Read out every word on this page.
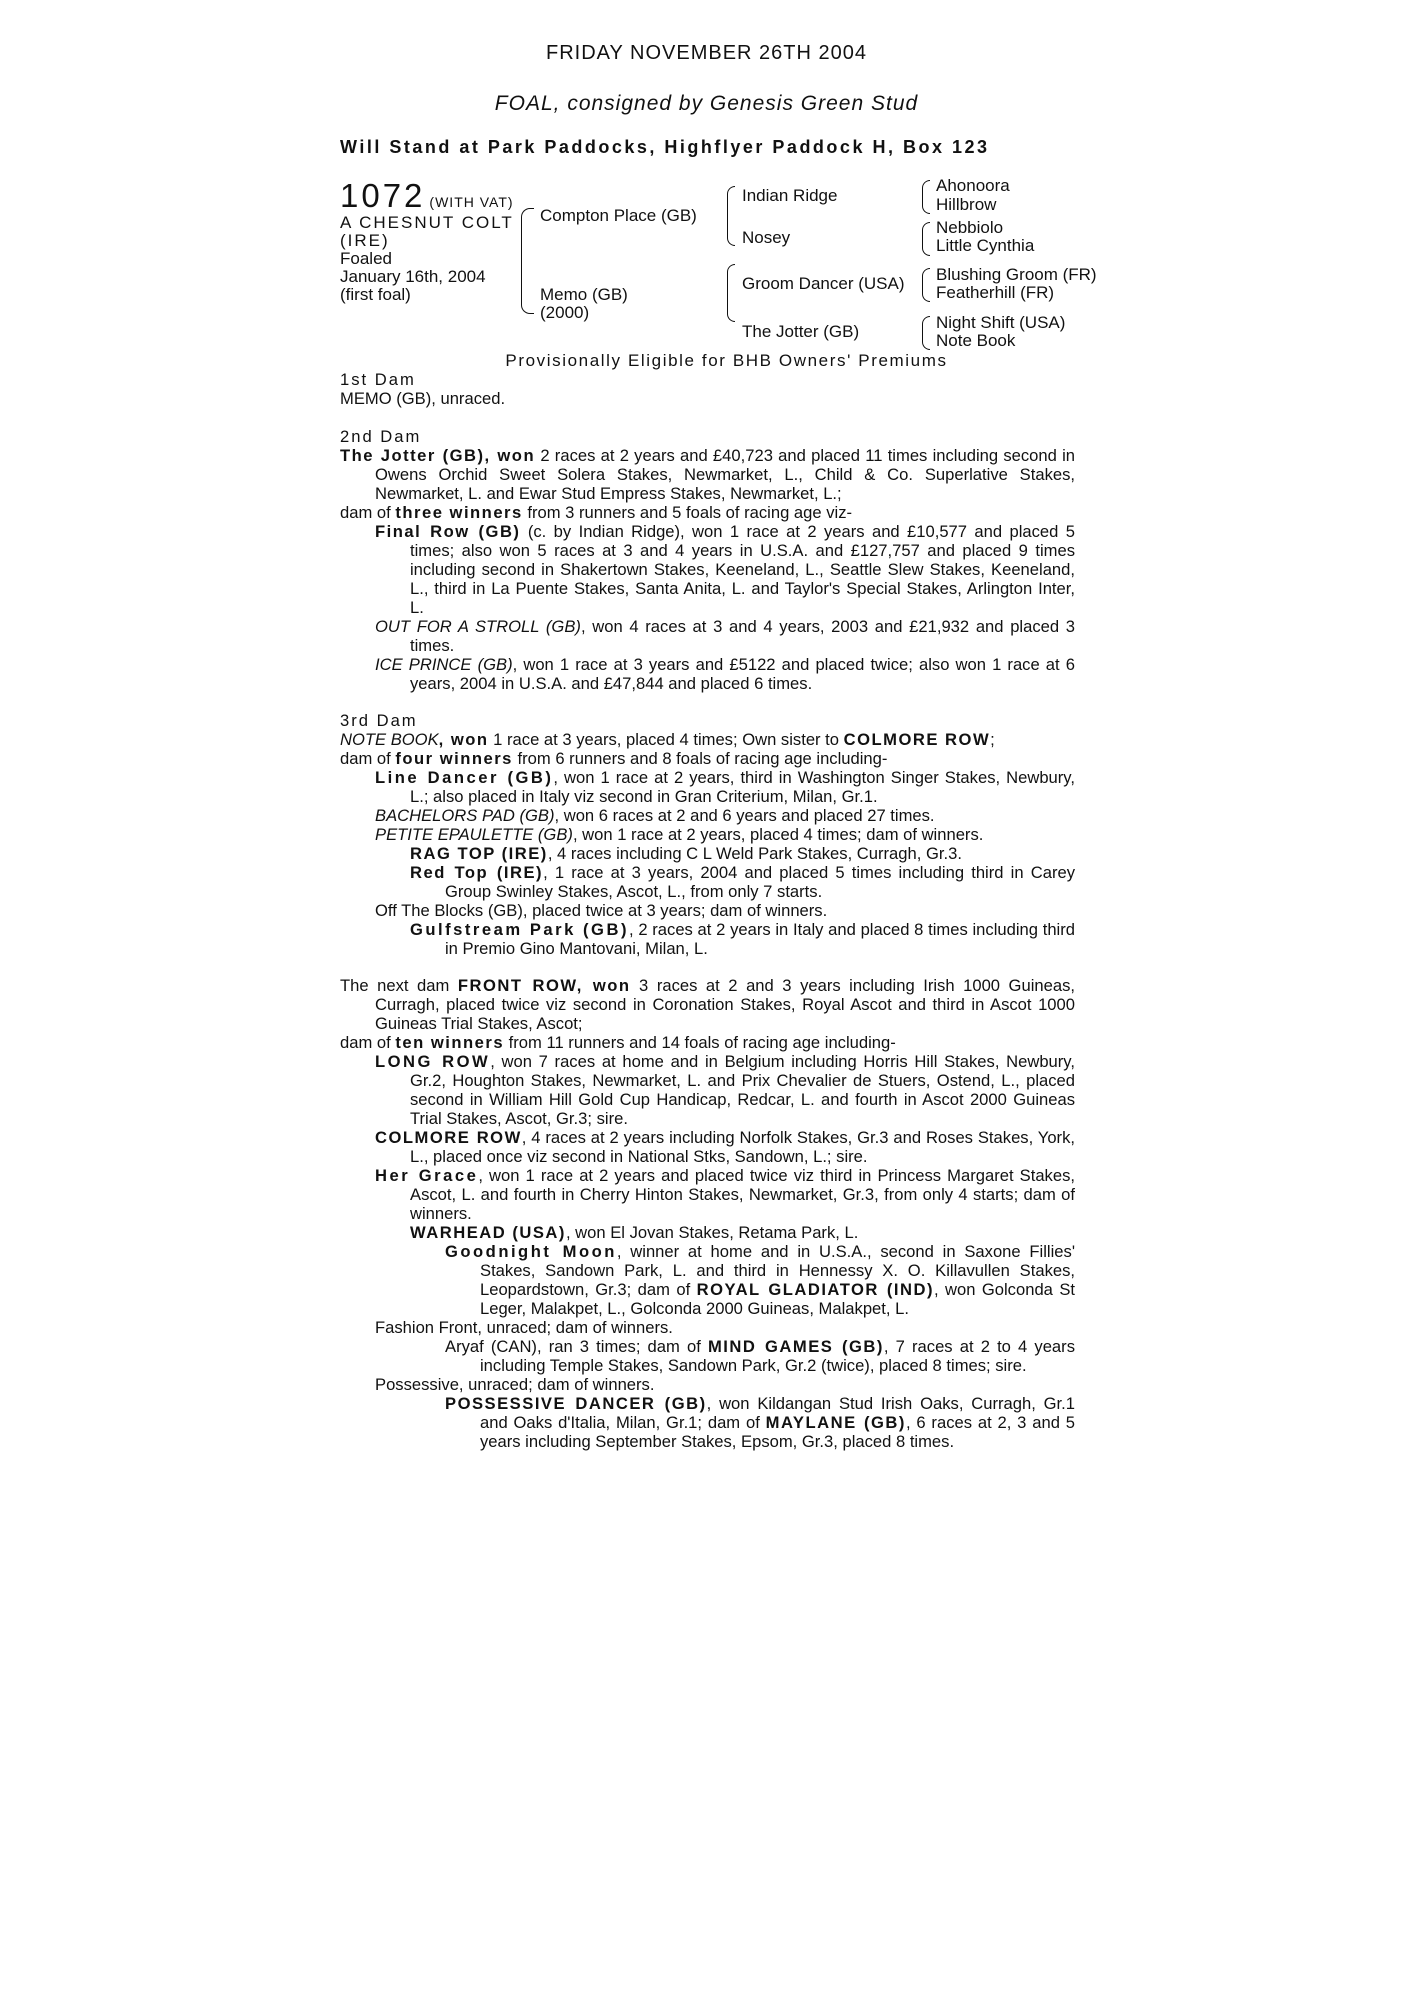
FRIDAY NOVEMBER 26TH 2004
FOAL, consigned by Genesis Green Stud
Will Stand at Park Paddocks, Highflyer Paddock H, Box 123
1072 (WITH VAT)
A CHESNUT COLT
(IRE)
Foaled
January 16th, 2004
(first foal)
Compton Place (GB)
Memo (GB)
(2000)
Indian Ridge
Nosey
Groom Dancer (USA)
The Jotter (GB)
Ahonoora
Hillbrow
Nebbiolo
Little Cynthia
Blushing Groom (FR)
Featherhill (FR)
Night Shift (USA)
Note Book
Provisionally Eligible for BHB Owners' Premiums

1st Dam

MEMO (GB), unraced.

2nd Dam

The Jotter (GB), won 2 races at 2 years and £40,723 and placed 11 times including second in Owens Orchid Sweet Solera Stakes, Newmarket, L., Child & Co. Superlative Stakes, Newmarket, L. and Ewar Stud Empress Stakes, Newmarket, L.;

dam of three winners from 3 runners and 5 foals of racing age viz-

Final Row (GB) (c. by Indian Ridge), won 1 race at 2 years and £10,577 and placed 5 times; also won 5 races at 3 and 4 years in U.S.A. and £127,757 and placed 9 times including second in Shakertown Stakes, Keeneland, L., Seattle Slew Stakes, Keeneland, L., third in La Puente Stakes, Santa Anita, L. and Taylor's Special Stakes, Arlington Inter, L.

OUT FOR A STROLL (GB), won 4 races at 3 and 4 years, 2003 and £21,932 and placed 3 times.

ICE PRINCE (GB), won 1 race at 3 years and £5122 and placed twice; also won 1 race at 6 years, 2004 in U.S.A. and £47,844 and placed 6 times.

3rd Dam

NOTE BOOK, won 1 race at 3 years, placed 4 times; Own sister to COLMORE ROW;

dam of four winners from 6 runners and 8 foals of racing age including-

Line Dancer (GB), won 1 race at 2 years, third in Washington Singer Stakes, Newbury, L.; also placed in Italy viz second in Gran Criterium, Milan, Gr.1.

BACHELORS PAD (GB), won 6 races at 2 and 6 years and placed 27 times.

PETITE EPAULETTE (GB), won 1 race at 2 years, placed 4 times; dam of winners.

RAG TOP (IRE), 4 races including C L Weld Park Stakes, Curragh, Gr.3.

Red Top (IRE), 1 race at 3 years, 2004 and placed 5 times including third in Carey Group Swinley Stakes, Ascot, L., from only 7 starts.

Off The Blocks (GB), placed twice at 3 years; dam of winners.

Gulfstream Park (GB), 2 races at 2 years in Italy and placed 8 times including third in Premio Gino Mantovani, Milan, L.

The next dam FRONT ROW, won 3 races at 2 and 3 years including Irish 1000 Guineas, Curragh, placed twice viz second in Coronation Stakes, Royal Ascot and third in Ascot 1000 Guineas Trial Stakes, Ascot;

dam of ten winners from 11 runners and 14 foals of racing age including-

LONG ROW, won 7 races at home and in Belgium including Horris Hill Stakes, Newbury, Gr.2, Houghton Stakes, Newmarket, L. and Prix Chevalier de Stuers, Ostend, L., placed second in William Hill Gold Cup Handicap, Redcar, L. and fourth in Ascot 2000 Guineas Trial Stakes, Ascot, Gr.3; sire.

COLMORE ROW, 4 races at 2 years including Norfolk Stakes, Gr.3 and Roses Stakes, York, L., placed once viz second in National Stks, Sandown, L.; sire.

Her Grace, won 1 race at 2 years and placed twice viz third in Princess Margaret Stakes, Ascot, L. and fourth in Cherry Hinton Stakes, Newmarket, Gr.3, from only 4 starts; dam of winners.

WARHEAD (USA), won El Jovan Stakes, Retama Park, L.

Goodnight Moon, winner at home and in U.S.A., second in Saxone Fillies' Stakes, Sandown Park, L. and third in Hennessy X. O. Killavullen Stakes, Leopardstown, Gr.3; dam of ROYAL GLADIATOR (IND), won Golconda St Leger, Malakpet, L., Golconda 2000 Guineas, Malakpet, L.

Fashion Front, unraced; dam of winners.

Aryaf (CAN), ran 3 times; dam of MIND GAMES (GB), 7 races at 2 to 4 years including Temple Stakes, Sandown Park, Gr.2 (twice), placed 8 times; sire.

Possessive, unraced; dam of winners.

POSSESSIVE DANCER (GB), won Kildangan Stud Irish Oaks, Curragh, Gr.1 and Oaks d'Italia, Milan, Gr.1; dam of MAYLANE (GB), 6 races at 2, 3 and 5 years including September Stakes, Epsom, Gr.3, placed 8 times.
